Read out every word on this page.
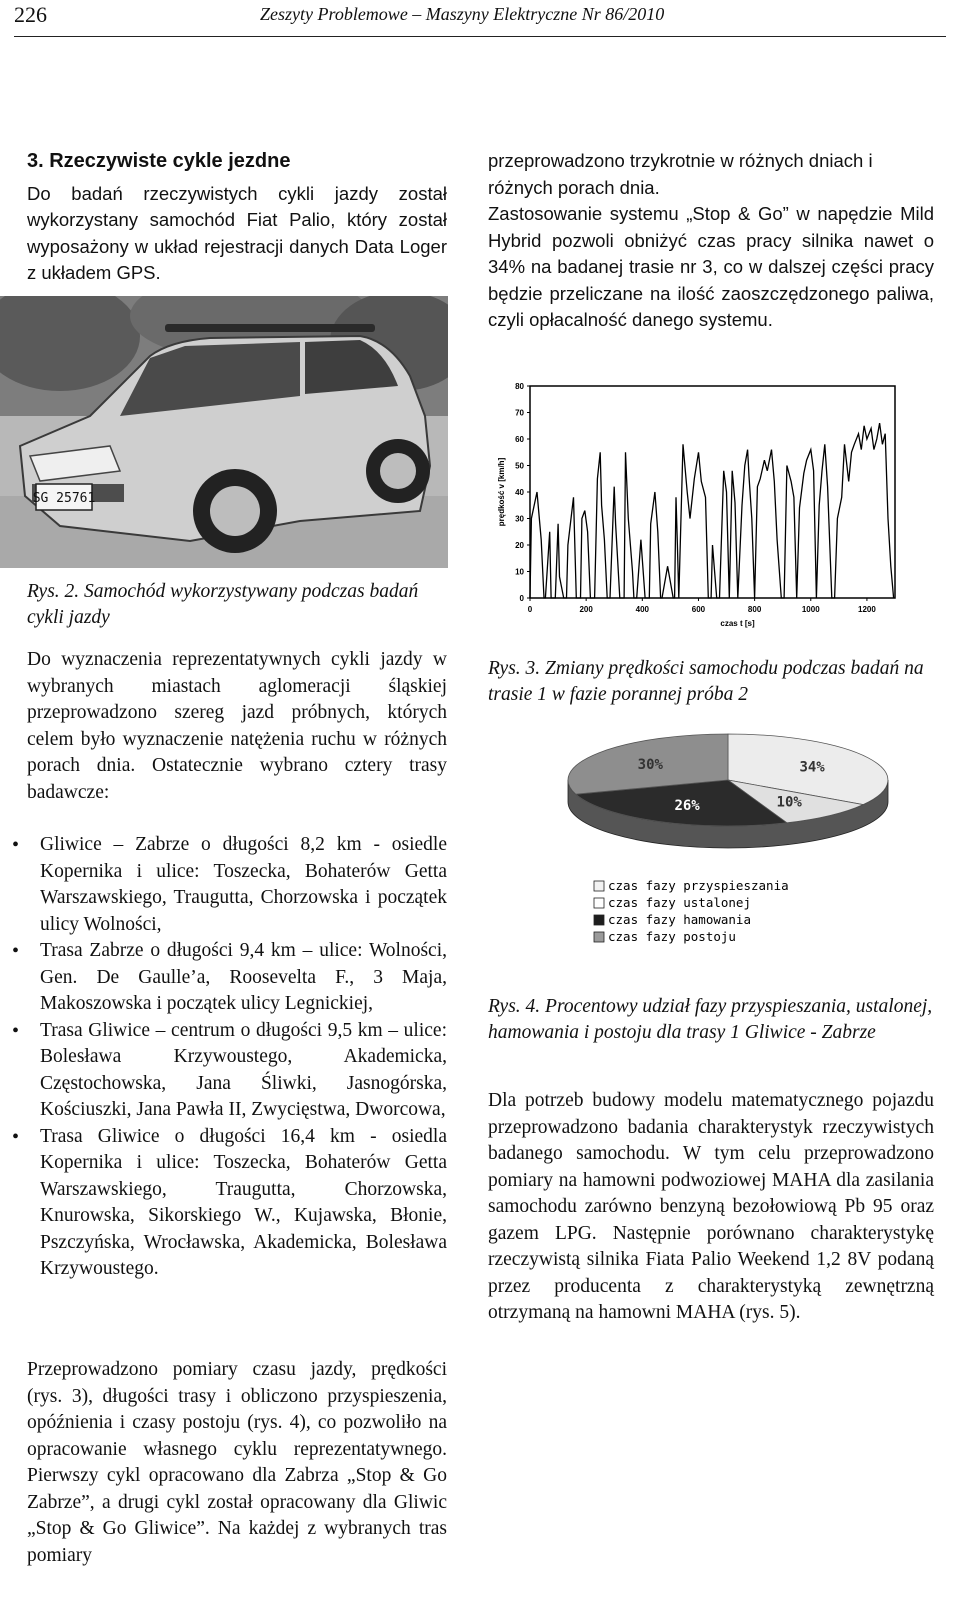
226	Zeszyty Problemowe – Maszyny Elektryczne Nr 86/2010
3. Rzeczywiste cykle jezdne

Do badań rzeczywistych cykli jazdy został wykorzystany samochód Fiat Palio, który został wyposażony w układ rejestracji danych Data Loger z układem GPS.

SG 25761
Rys. 2. Samochód wykorzystywany podczas badań cykli jazdy

Do wyznaczenia reprezentatywnych cykli jazdy w wybranych miastach aglomeracji śląskiej przeprowadzono szereg jazd próbnych, których celem było wyznaczenie natężenia ruchu w różnych porach dnia. Ostatecznie wybrano cztery trasy badawcze:

• Gliwice – Zabrze o długości 8,2 km - osiedle Kopernika i ulice: Toszecka, Bohaterów Getta Warszawskiego, Traugutta, Chorzowska i początek ulicy Wolności,
• Trasa Zabrze o długości 9,4 km – ulice: Wolności, Gen. De Gaulle’a, Roosevelta F., 3 Maja, Makoszowska i początek ulicy Legnickiej,
• Trasa Gliwice – centrum o długości 9,5 km – ulice: Bolesława Krzywoustego, Akademicka, Częstochowska, Jana Śliwki, Jasnogórska, Kościuszki, Jana Pawła II, Zwycięstwa, Dworcowa,
• Trasa Gliwice o długości 16,4 km - osiedla Kopernika i ulice: Toszecka, Bohaterów Getta Warszawskiego, Traugutta, Chorzowska, Knurowska, Sikorskiego W., Kujawska, Błonie, Pszczyńska, Wrocławska, Akademicka, Bolesława Krzywoustego.

Przeprowadzono pomiary czasu jazdy, prędkości (rys. 3), długości trasy i obliczono przyspieszenia, opóźnienia i czasy postoju (rys. 4), co pozwoliło na opracowanie własnego cyklu reprezentatywnego. Pierwszy cykl opracowano dla Zabrza „Stop & Go Zabrze”, a drugi cykl został opracowany dla Gliwic „Stop & Go Gliwice”. Na każdej z wybranych tras pomiary

przeprowadzono trzykrotnie w różnych dniach i różnych porach dnia.

Zastosowanie systemu „Stop & Go” w napędzie Mild Hybrid pozwoli obniżyć czas pracy silnika nawet o 34% na badanej trasie nr 3, co w dalszej części pracy będzie przeliczane na ilość zaoszczędzonego paliwa, czyli opłacalność danego systemu.

0
10
20
30
40
50
60
70
80
0	200	400	600	800	1000	1200
prędkość v [km/h]
czas t [s]
Rys. 3. Zmiany prędkości samochodu podczas badań na trasie 1 w fazie porannej próba 2
34%
10%
26%
30%
czas fazy przyspieszania
czas fazy ustalonej
czas fazy hamowania
czas fazy postoju
Rys. 4. Procentowy udział fazy przyspieszania, ustalonej, hamowania i postoju dla trasy 1 Gliwice - Zabrze

Dla potrzeb budowy modelu matematycznego pojazdu przeprowadzono badania charakterystyk rzeczywistych badanego samochodu. W tym celu przeprowadzono pomiary na hamowni podwoziowej MAHA dla zasilania samochodu zarówno benzyną bezołowiową Pb 95 oraz gazem LPG. Następnie porównano charakterystykę rzeczywistą silnika Fiata Palio Weekend 1,2 8V podaną przez producenta z charakterystyką zewnętrzną otrzymaną na hamowni MAHA (rys. 5).
